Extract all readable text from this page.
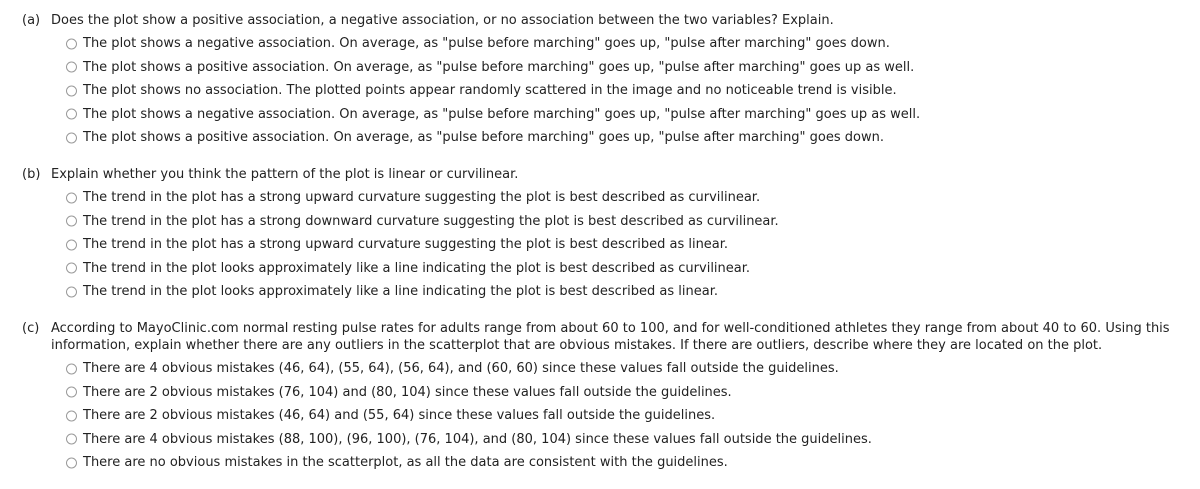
(a) Does the plot show a positive association, a negative association, or no association between the two variables? Explain.
The plot shows a negative association. On average, as "pulse before marching" goes up, "pulse after marching" goes down.
The plot shows a positive association. On average, as "pulse before marching" goes up, "pulse after marching" goes up as well.
The plot shows no association. The plotted points appear randomly scattered in the image and no noticeable trend is visible.
The plot shows a negative association. On average, as "pulse before marching" goes up, "pulse after marching" goes up as well.
The plot shows a positive association. On average, as "pulse before marching" goes up, "pulse after marching" goes down.
(b) Explain whether you think the pattern of the plot is linear or curvilinear.
The trend in the plot has a strong upward curvature suggesting the plot is best described as curvilinear.
The trend in the plot has a strong downward curvature suggesting the plot is best described as curvilinear.
The trend in the plot has a strong upward curvature suggesting the plot is best described as linear.
The trend in the plot looks approximately like a line indicating the plot is best described as curvilinear.
The trend in the plot looks approximately like a line indicating the plot is best described as linear.
(c) According to MayoClinic.com normal resting pulse rates for adults range from about 60 to 100, and for well-conditioned athletes they range from about 40 to 60. Using this information, explain whether there are any outliers in the scatterplot that are obvious mistakes. If there are outliers, describe where they are located on the plot.
There are 4 obvious mistakes (46, 64), (55, 64), (56, 64), and (60, 60) since these values fall outside the guidelines.
There are 2 obvious mistakes (76, 104) and (80, 104) since these values fall outside the guidelines.
There are 2 obvious mistakes (46, 64) and (55, 64) since these values fall outside the guidelines.
There are 4 obvious mistakes (88, 100), (96, 100), (76, 104), and (80, 104) since these values fall outside the guidelines.
There are no obvious mistakes in the scatterplot, as all the data are consistent with the guidelines.
